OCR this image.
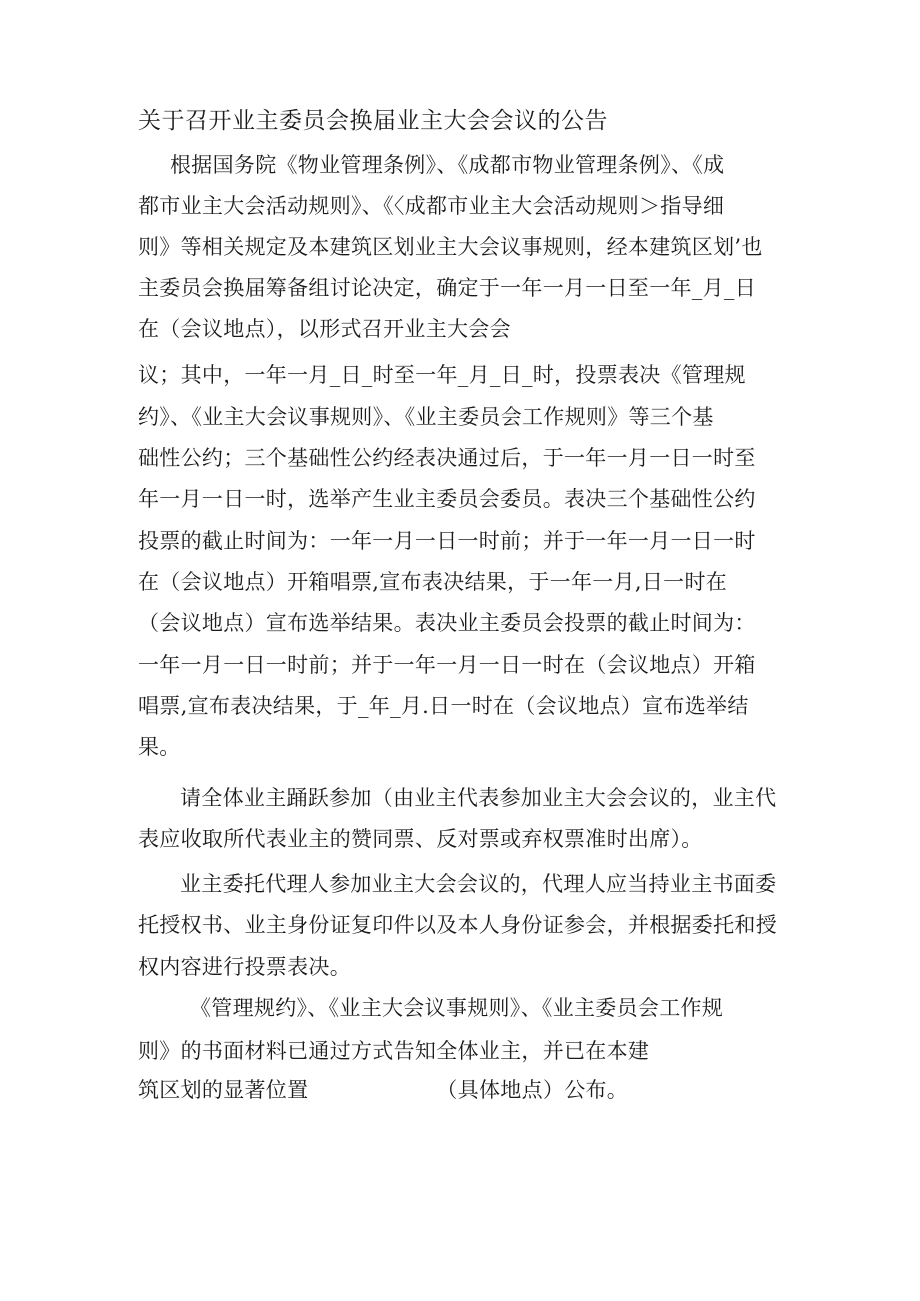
关于召开业主委员会换届业主大会会议的公告
根据国务院《物业管理条例》、《成都市物业管理条例》、《成
都市业主大会活动规则》、《〈成都市业主大会活动规则＞指导细
则》等相关规定及本建筑区划业主大会议事规则，经本建筑区划’也
主委员会换届筹备组讨论决定，确定于一年一月一日至一年_月_日
在（会议地点），以形式召开业主大会会
议；其中，一年一月_日_时至一年_月_日_时，投票表决《管理规
约》、《业主大会议事规则》、《业主委员会工作规则》等三个基
础性公约；三个基础性公约经表决通过后，于一年一月一日一时至
年一月一日一时，选举产生业主委员会委员。表决三个基础性公约
投票的截止时间为：一年一月一日一时前；并于一年一月一日一时
在（会议地点）开箱唱票,宣布表决结果，于一年一月,日一时在
（会议地点）宣布选举结果。表决业主委员会投票的截止时间为：
一年一月一日一时前；并于一年一月一日一时在（会议地点）开箱
唱票,宣布表决结果，于_年_月.日一时在（会议地点）宣布选举结
果。
请全体业主踊跃参加（由业主代表参加业主大会会议的，业主代
表应收取所代表业主的赞同票、反对票或弃权票准时出席）。
业主委托代理人参加业主大会会议的，代理人应当持业主书面委
托授权书、业主身份证复印件以及本人身份证参会，并根据委托和授
权内容进行投票表决。
《管理规约》、《业主大会议事规则》、《业主委员会工作规
则》的书面材料已通过方式告知全体业主，并已在本建
筑区划的显著位置	（具体地点）公布。
